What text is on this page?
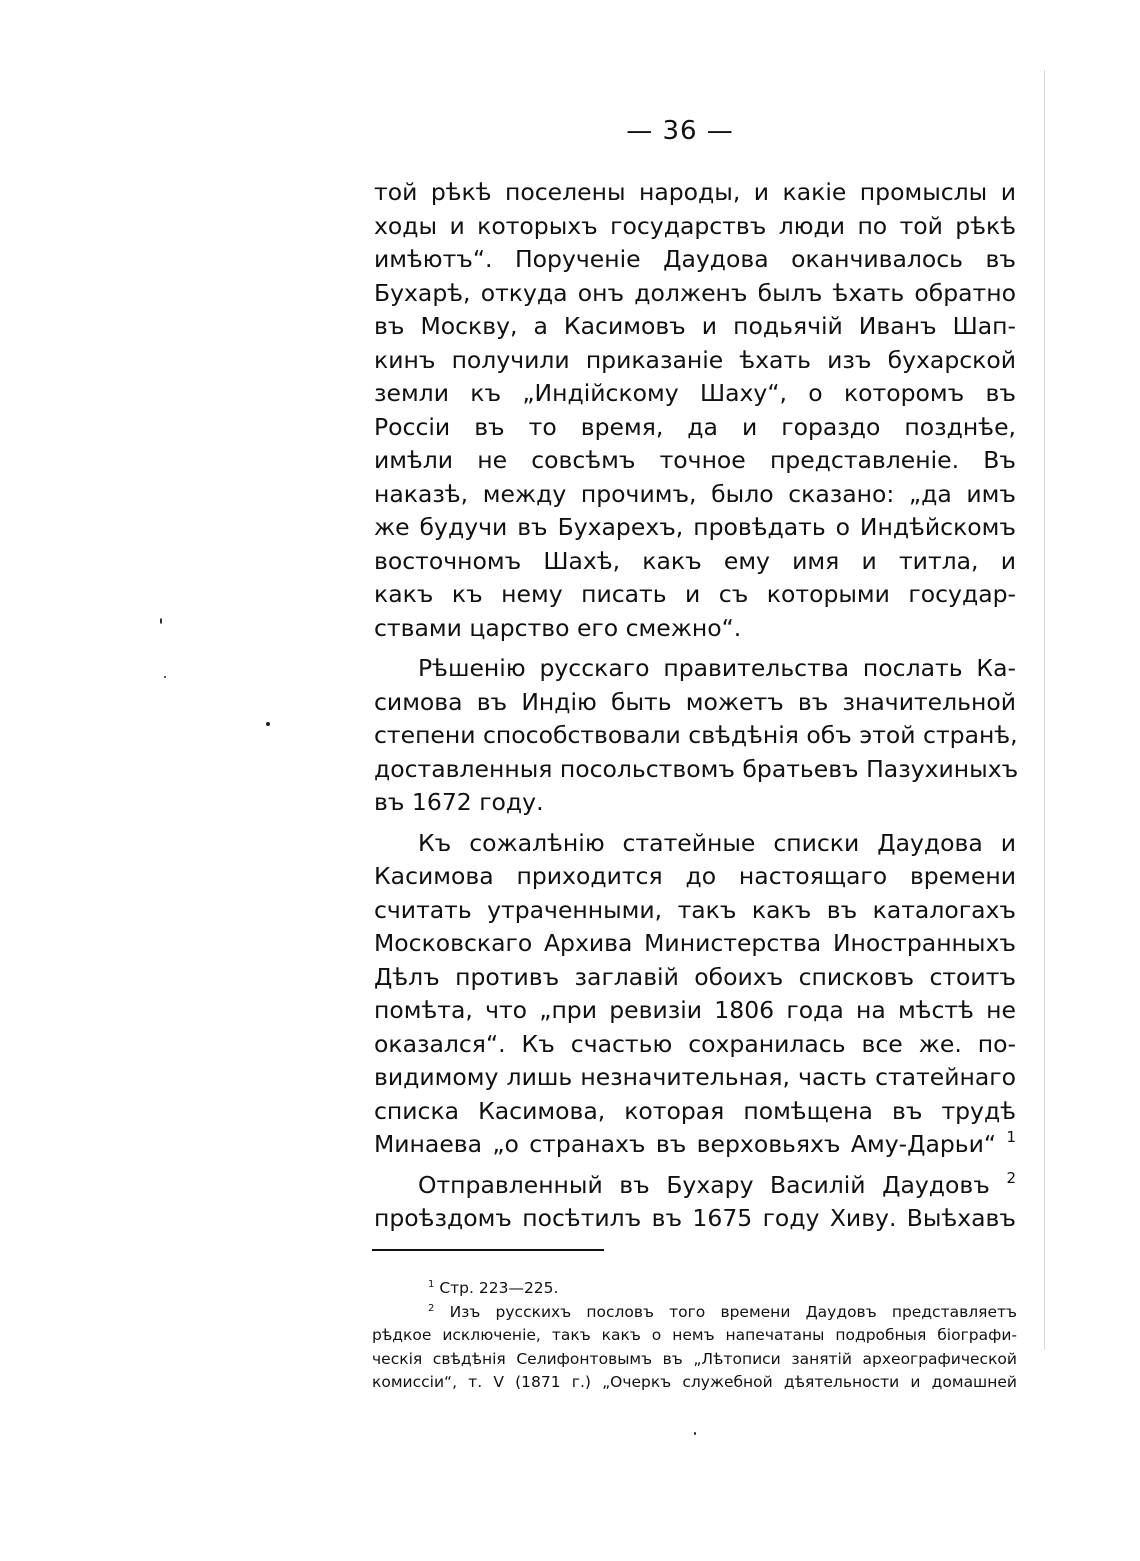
— 36 —
той рѣкѣ поселены народы, и какіе промыслы и
ходы и которыхъ государствъ люди по той рѣкѣ
имѣютъ“. Порученіе Даудова оканчивалось въ
Бухарѣ, откуда онъ долженъ былъ ѣхать обратно
въ Москву, а Касимовъ и подьячій Иванъ Шап-
кинъ получили приказаніе ѣхать изъ бухарской
земли къ „Индійскому Шаху“, о которомъ въ
Россіи въ то время, да и гораздо позднѣе,
имѣли не совсѣмъ точное представленіе. Въ
наказѣ, между прочимъ, было сказано: „да имъ
же будучи въ Бухарехъ, провѣдать о Индѣйскомъ
восточномъ Шахѣ, какъ ему имя и титла, и
какъ къ нему писать и съ которыми государ-
ствами царство его смежно“.
Рѣшенію русскаго правительства послать Ка-
симова въ Индію быть можетъ въ значительной
степени способствовали свѣдѣнія объ этой странѣ,
доставленныя посольствомъ братьевъ Пазухиныхъ
въ 1672 году.
Къ сожалѣнію статейные списки Даудова и
Касимова приходится до настоящаго времени
считать утраченными, такъ какъ въ каталогахъ
Московскаго Архива Министерства Иностранныхъ
Дѣлъ противъ заглавій обоихъ списковъ стоитъ
помѣта, что „при ревизіи 1806 года на мѣстѣ не
оказался“. Къ счастью сохранилась все же. по-
видимому лишь незначительная, часть статейнаго
списка Касимова, которая помѣщена въ трудѣ
Минаева „о странахъ въ верховьяхъ Аму-Дарьи“ $^1$
Отправленный въ Бухару Василій Даудовъ $^2$
проѣздомъ посѣтилъ въ 1675 году Хиву. Выѣхавъ
$^1$ Стр. 223—225.
$^2$ Изъ русскихъ пословъ того времени Даудовъ представляетъ
рѣдкое исключеніе, такъ какъ о немъ напечатаны подробныя біографи-
ческія свѣдѣнія Селифонтовымъ въ „Лѣтописи занятій археографической
комиссіи“, т. V (1871 г.) „Очеркъ служебной дѣятельности и домашней
